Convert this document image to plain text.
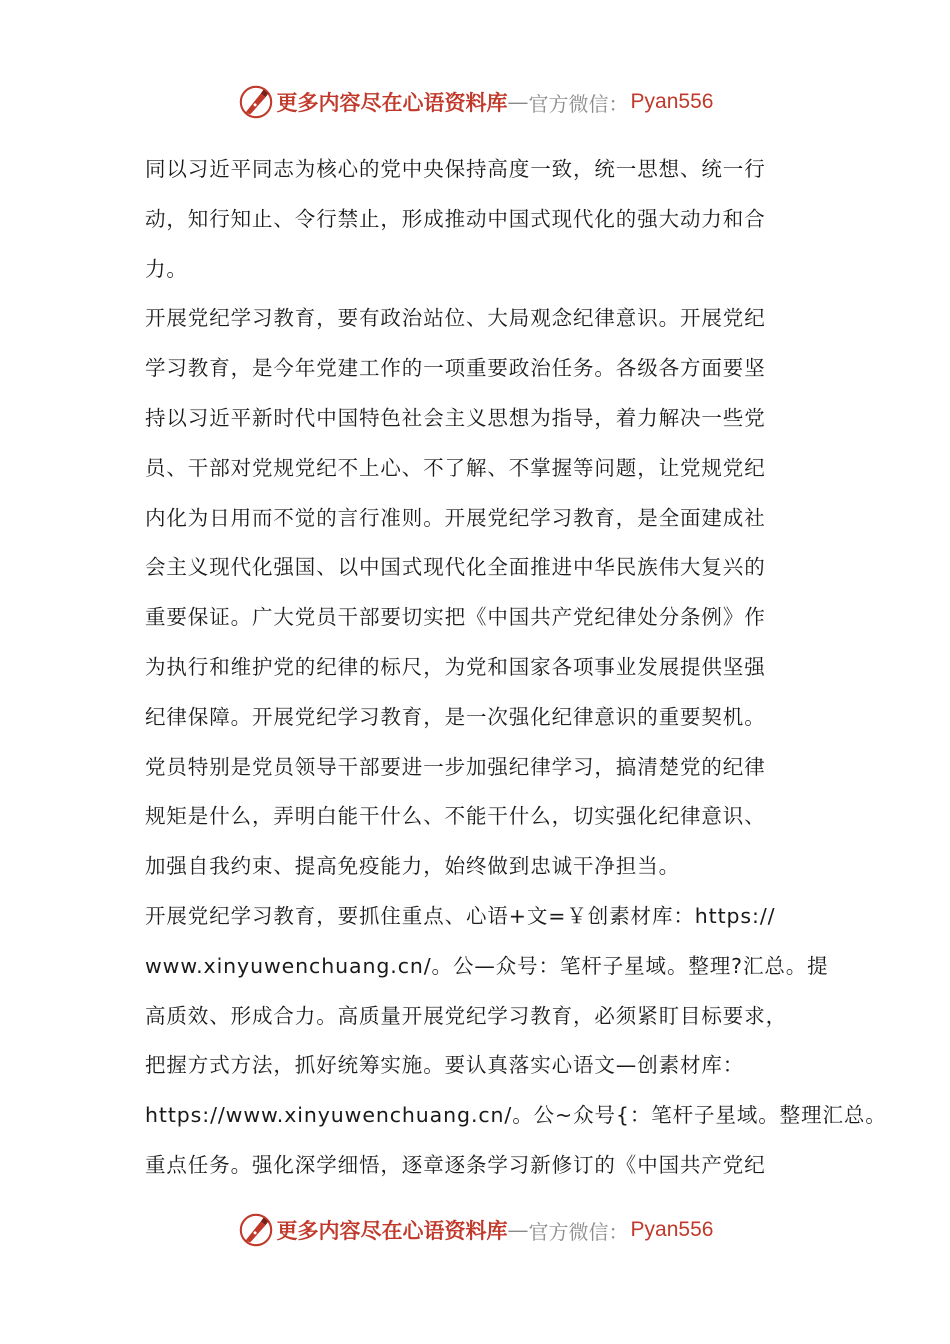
更多内容尽在心语资料库 — 官方微信： Pyan556
同以习近平同志为核心的党中央保持高度一致，统一思想、统一行
动，知行知止、令行禁止，形成推动中国式现代化的强大动力和合
力。
开展党纪学习教育，要有政治站位、大局观念纪律意识。开展党纪
学习教育，是今年党建工作的一项重要政治任务。各级各方面要坚
持以习近平新时代中国特色社会主义思想为指导，着力解决一些党
员、干部对党规党纪不上心、不了解、不掌握等问题，让党规党纪
内化为日用而不觉的言行准则。开展党纪学习教育，是全面建成社
会主义现代化强国、以中国式现代化全面推进中华民族伟大复兴的
重要保证。广大党员干部要切实把《中国共产党纪律处分条例》作
为执行和维护党的纪律的标尺，为党和国家各项事业发展提供坚强
纪律保障。开展党纪学习教育，是一次强化纪律意识的重要契机。
党员特别是党员领导干部要进一步加强纪律学习，搞清楚党的纪律
规矩是什么，弄明白能干什么、不能干什么，切实强化纪律意识、
加强自我约束、提高免疫能力，始终做到忠诚干净担当。
开展党纪学习教育，要抓住重点、心语+文=￥创素材库：https://
www.xinyuwenchuang.cn/。公—众号：笔杆子星域。整理?汇总。提
高质效、形成合力。高质量开展党纪学习教育，必须紧盯目标要求，
把握方式方法，抓好统筹实施。要认真落实心语文—创素材库：
https://www.xinyuwenchuang.cn/。公~众号{：笔杆子星域。整理汇总。
重点任务。强化深学细悟，逐章逐条学习新修订的《中国共产党纪
更多内容尽在心语资料库 — 官方微信： Pyan556
